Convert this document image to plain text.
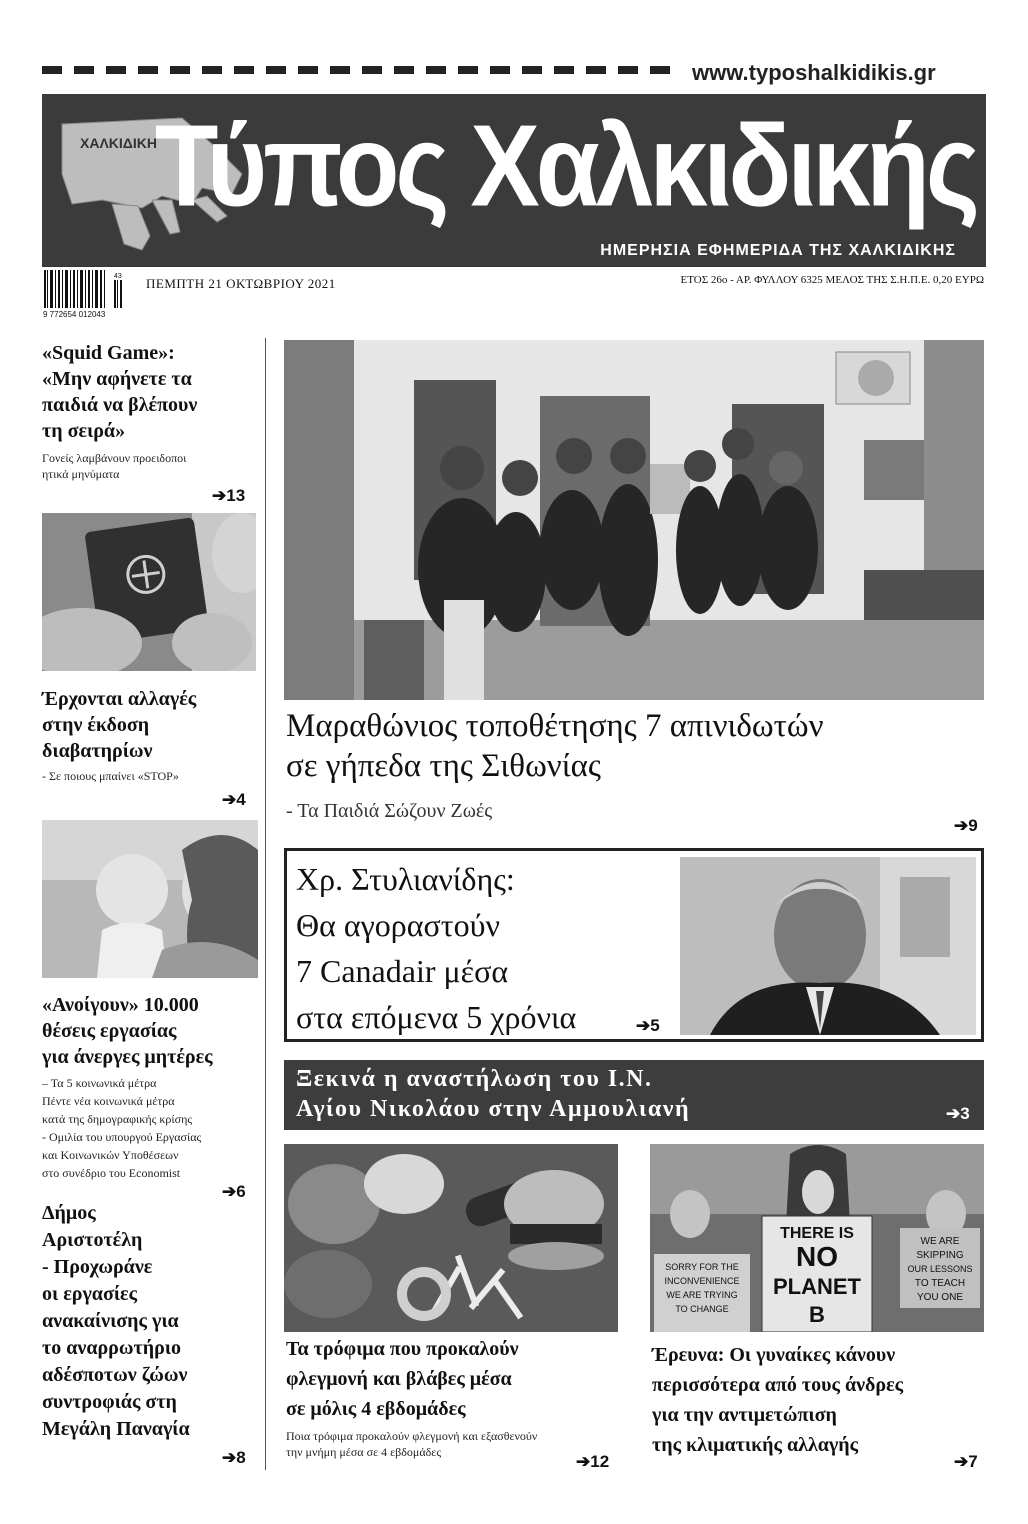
www.typoshalkidikis.gr
ΧΑΛΚΙΔΙΚΗ
Τύπος Χαλκιδικής
ΗΜΕΡΗΣΙΑ ΕΦΗΜΕΡΙΔΑ ΤΗΣ ΧΑΛΚΙΔΙΚΗΣ
9 772654 012043
43 ΠΕΜΠΤΗ 21 ΟΚΤΩΒΡΙΟΥ 2021	ΕΤΟΣ 26ο - ΑΡ. ΦΥΛΛΟΥ 6325 ΜΕΛΟΣ ΤΗΣ Σ.Η.Π.Ε. 0,20 ΕΥΡΩ
«Squid Game»:
«Μην αφήνετε τα
παιδιά να βλέπουν
τη σειρά»
Γονείς λαμβάνουν προειδοποι
ητικά μηνύματα
➔13
Έρχονται αλλαγές
στην έκδοση
διαβατηρίων
- Σε ποιους μπαίνει «STOP»
➔4
«Ανοίγουν» 10.000
θέσεις εργασίας
για άνεργες μητέρες
– Τα 5 κοινωνικά μέτρα
Πέντε νέα κοινωνικά μέτρα
κατά της δημογραφικής κρίσης
- Ομιλία του υπουργού Εργασίας
και Κοινωνικών Υποθέσεων
στο συνέδριο του Economist
➔6
Δήμος
Αριστοτέλη
- Προχωράνε
οι εργασίες
ανακαίνισης για
το αναρρωτήριο
αδέσποτων ζώων
συντροφιάς στη
Μεγάλη Παναγία
➔8
Μαραθώνιος τοποθέτησης 7 απινιδωτών
σε γήπεδα της Σιθωνίας
- Τα Παιδιά Σώζουν Ζωές
➔9
Χρ. Στυλιανίδης:
Θα αγοραστούν
7 Canadair μέσα
στα επόμενα 5 χρόνια	➔5
Ξεκινά η αναστήλωση του Ι.Ν.
Αγίου Νικολάου στην Αμμουλιανή	➔3
Τα τρόφιμα που προκαλούν
φλεγμονή και βλάβες μέσα
σε μόλις 4 εβδομάδες
Ποια τρόφιμα προκαλούν φλεγμονή και εξασθενούν
την μνήμη μέσα σε 4 εβδομάδες	➔12
THERE IS
NO
PLANET
B
SORRY FOR THE
INCONVENIENCE
WE ARE TRYING
TO CHANGE
WE ARE
SKIPPING
OUR LESSONS
TO TEACH
YOU ONE
Έρευνα: Οι γυναίκες κάνουν
περισσότερα από τους άνδρες
για την αντιμετώπιση
της κλιματικής αλλαγής
➔7
